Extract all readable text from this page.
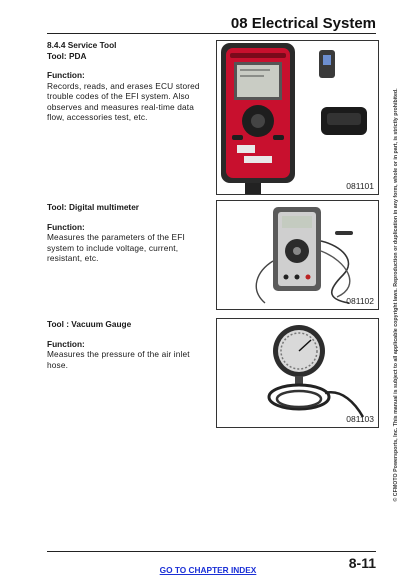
08 Electrical System
8.4.4 Service Tool
Tool: PDA
Function:
Records, reads, and erases ECU stored trouble codes of the EFI system. Also observes and measures real-time data flow, accessories test, etc.
081101
Tool: Digital multimeter
Function:
Measures the parameters of the EFI system to include voltage, current, resistant, etc.
081102
Tool : Vacuum Gauge
Function:
Measures the pressure of the air inlet hose.
081103	© CFMOTO Powersports, Inc. This manual is subject to all applicable copyright laws. Reproduction or duplication in any form, whole or in part, is strictly prohibited.
8-11
GO TO CHAPTER INDEX
